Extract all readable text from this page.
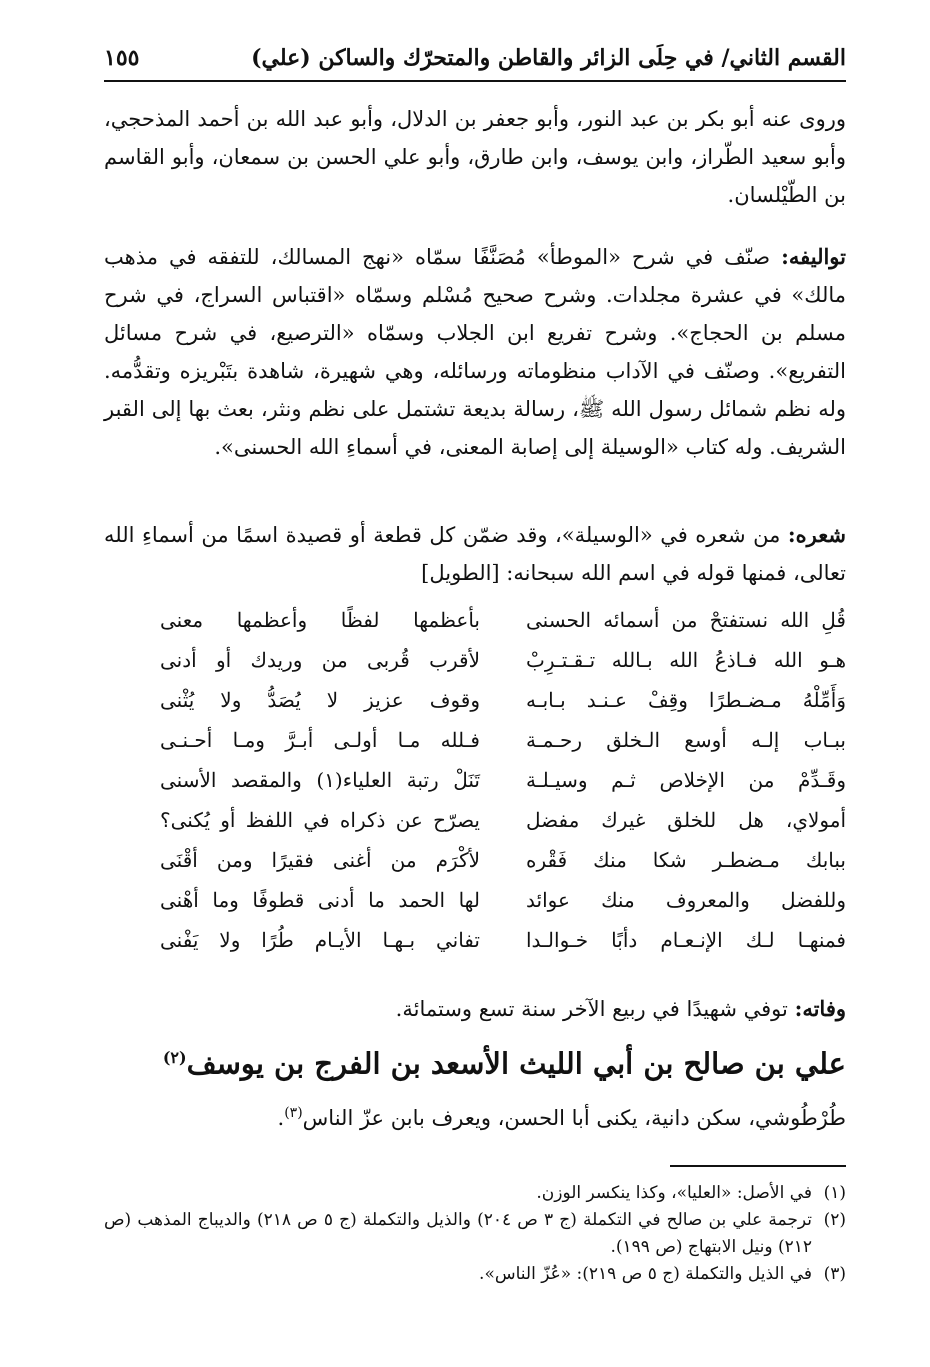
القسم الثاني/ في حِلَى الزائر والقاطن والمتحرّك والساكن (علي)
١٥٥

وروى عنه أبو بكر بن عبد النور، وأبو جعفر بن الدلال، وأبو عبد الله بن أحمد المذحجي، وأبو سعيد الطّراز، وابن يوسف، وابن طارق، وأبو علي الحسن بن سمعان، وأبو القاسم بن الطّيْلسان.

تواليفه: صنّف في شرح «الموطأ» مُصَنَّفًا سمّاه «نهج المسالك، للتفقه في مذهب مالك» في عشرة مجلدات. وشرح صحيح مُسْلم وسمّاه «اقتباس السراج، في شرح مسلم بن الحجاج». وشرح تفريع ابن الجلاب وسمّاه «الترصيع، في شرح مسائل التفريع». وصنّف في الآداب منظوماته ورسائله، وهي شهيرة، شاهدة بتَبْريزه وتقدُّمه. وله نظم شمائل رسول الله ﷺ، رسالة بديعة تشتمل على نظم ونثر، بعث بها إلى القبر الشريف. وله كتاب «الوسيلة إلى إصابة المعنى، في أسماءِ الله الحسنى».

شعره: من شعره في «الوسيلة»، وقد ضمّن كل قطعة أو قصيدة اسمًا من أسماءِ الله تعالى، فمنها قوله في اسم الله سبحانه: [الطويل]

قُلِ الله نستفتحْ من أسمائه الحسنى
بأعظمها لفظًا وأعظمها معنى
هـو الله فـاذعُ الله بـالله تـقـتـرِبْ
لأقرب قُربى من وريدك أو أدنى
وَأَمِّلْهُ مـضـطرًا وقِفْ عـنـد بـابـه
وقوف عزيز لا يُصَدُّ ولا يُثْنى
ببـاب إلـه أوسع الـخلق رحـمـة
فـلله مـا أولـى أبـرَّ ومـا أحـنـى
وقَـدِّمْ من الإخلاص ثـم وسيـلـة
تَنَلْ رتبة العلياء(١) والمقصد الأسنى
أمولاي، هل للخلق غيرك مفضل
يصرّح عن ذكراه في اللفظ أو يُكنى؟
ببابك مـضطـر شكا منك فَقْره
لأكْرَم من أغنى فقيرًا ومن أقْنَى
وللفضل والمعروف منك عوائد
لها الحمد ما أدنى قطوفًا وما أهْنى
فمنهـا لـك الإنـعـام دأبًا خـوالـدا
تفاني بـهـا الأيـام طُرًا ولا يَفْنى

وفاته: توفي شهيدًا في ربيع الآخر سنة تسع وستمائة.

علي بن صالح بن أبي الليث الأسعد بن الفرج بن يوسف$^{(٢)}$

طُرْطُوشي، سكن دانية، يكنى أبا الحسن، ويعرف بابن عزّ الناس$^{(٣)}$.

(١)
في الأصل: «العليا»، وكذا ينكسر الوزن.
(٢)
ترجمة علي بن صالح في التكملة (ج ٣ ص ٢٠٤) والذيل والتكملة (ج ٥ ص ٢١٨) والديباج المذهب (ص ٢١٢) ونيل الابتهاج (ص ١٩٩).
(٣)
في الذيل والتكملة (ج ٥ ص ٢١٩): «عُزّ الناس».
